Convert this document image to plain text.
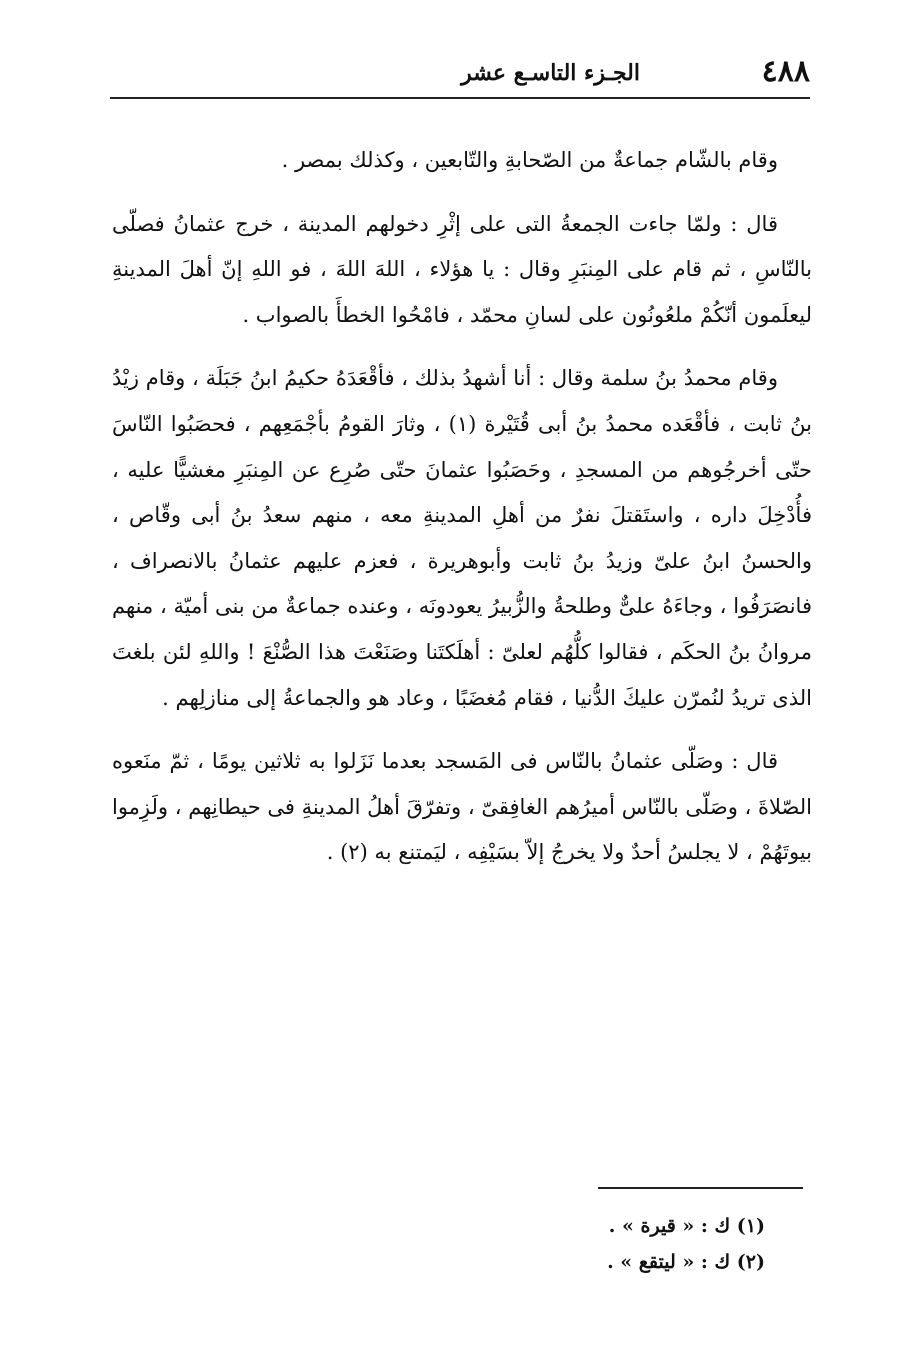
٤٨٨
الجـزء التاسـع عشر

وقام بالشّام جماعةٌ من الصّحابةِ والتّابعين ، وكذلك بمصر .

قال : ولمّا جاءت الجمعةُ التى على إثْرِ دخولهم المدينة ، خرج عثمانُ فصلّى بالنّاسِ ، ثم قام على المِنبَرِ وقال : يا هؤلاء ، اللهَ اللهَ ، فو اللهِ إنّ أهلَ المدينةِ ليعلَمون أنّكُمْ ملعُونُون على لسانِ محمّد ، فامْحُوا الخطأَ بالصواب .

وقام محمدُ بنُ سلمة وقال : أنا أشهدُ بذلك ، فأقْعَدَهُ حكيمُ ابنُ جَبَلَة ، وقام زيْدُ بنُ ثابت ، فأقْعَده محمدُ بنُ أبى قُتَيْرة (١) ، وثارَ القومُ بأجْمَعِهم ، فحصَبُوا النّاسَ حتّى أخرجُوهم من المسجدِ ، وحَصَبُوا عثمانَ حتّى صُرِع عن المِنبَرِ مغشيًّا عليه ، فأُدْخِلَ داره ، واستَقتلَ نفرٌ من أهلِ المدينةِ معه ، منهم سعدُ بنُ أبى وقّاص ، والحسنُ ابنُ علىّ وزيدُ بنُ ثابت وأبوهريرة ، فعزم عليهم عثمانُ بالانصراف ، فانصَرَفُوا ، وجاءَهُ علىٌّ وطلحةُ والزُّبيرُ يعودونَه ، وعنده جماعةٌ من بنى أميّة ، منهم مروانُ بنُ الحكَم ، فقالوا كلُّهُم لعلىّ : أهلَكتَنا وصَنَعْتَ هذا الصُّنْعَ ! واللهِ لئن بلغتَ الذى تريدُ لنُمرّن عليكَ الدُّنيا ، فقام مُغضَبًا ، وعاد هو والجماعةُ إلى منازلِهم .

قال : وصَلّى عثمانُ بالنّاس فى المَسجد بعدما نَزَلوا به ثلاثين يومًا ، ثمّ منَعوه الصّلاةَ ، وصَلّى بالنّاس أميرُهم الغافِقىّ ، وتفرّقَ أهلُ المدينةِ فى حيطانِهم ، ولَزِموا بيوتَهُمْ ، لا يجلسُ أحدٌ ولا يخرجُ إلاّ بسَيْفِه ، ليَمتنع به (٢) .

(١) ك : « قيرة » .
(٢) ك : « ليتقع » .
